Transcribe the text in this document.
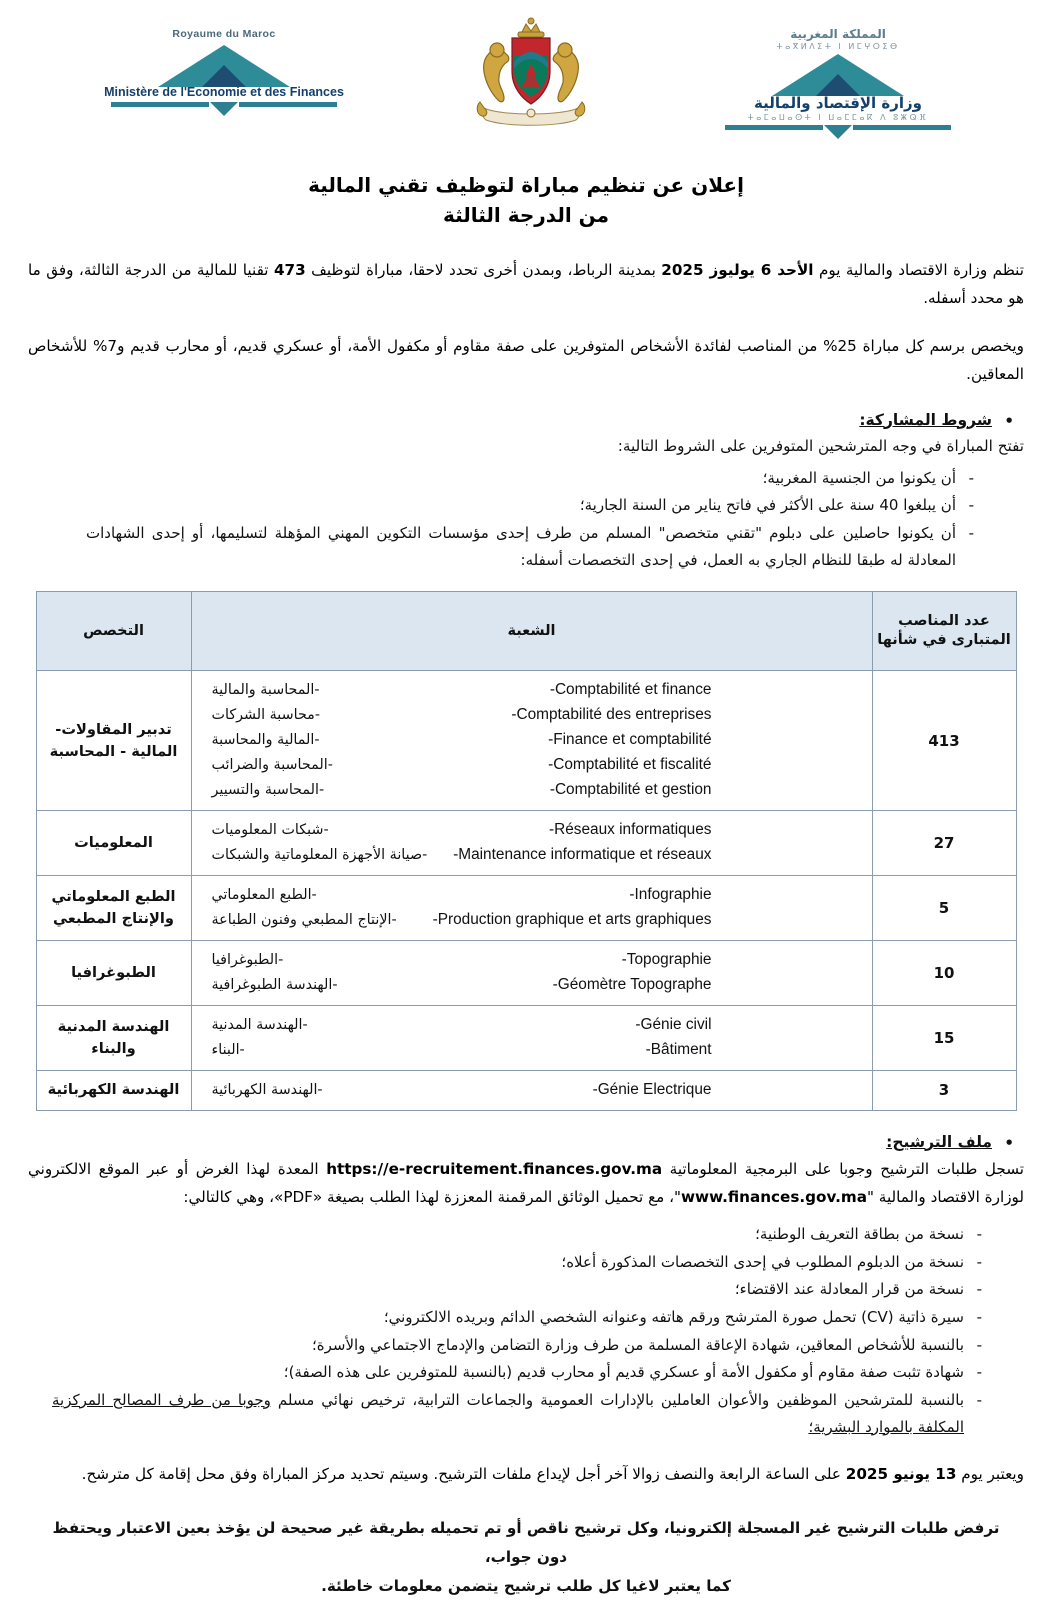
Royaume du Maroc
Ministère de l'Economie et des Finances
المملكة المغربية
ⵜⴰⴳⵍⴷⵉⵜ ⵏ ⵍⵎⵖⵔⵉⴱ
وزارة الإقتصاد والمالية
ⵜⴰⵎⴰⵡⴰⵙⵜ ⵏ ⵡⴰⵎⵎⴰⴽ ⴷ ⵓⵥⵕⴼ
إعلان عن تنظيم مباراة لتوظيف تقني المالية
من الدرجة الثالثة

تنظم وزارة الاقتصاد والمالية يوم الأحد 6 يوليوز 2025 بمدينة الرباط، وبمدن أخرى تحدد لاحقا، مباراة لتوظيف 473 تقنيا للمالية من الدرجة الثالثة، وفق ما هو محدد أسفله.

ويخصص برسم كل مباراة 25% من المناصب لفائدة الأشخاص المتوفرين على صفة مقاوم أو مكفول الأمة، أو عسكري قديم، أو محارب قديم و7% للأشخاص المعاقين.

•
شروط المشاركة:
تفتح المباراة في وجه المترشحين المتوفرين على الشروط التالية:
- أن يكونوا من الجنسية المغربية؛
- أن يبلغوا 40 سنة على الأكثر في فاتح يناير من السنة الجارية؛
- أن يكونوا حاصلين على دبلوم "تقني متخصص" المسلم من طرف إحدى مؤسسات التكوين المهني المؤهلة لتسليمها، أو إحدى الشهادات المعادلة له طبقا للنظام الجاري به العمل، في إحدى التخصصات أسفله:
عدد المناصب المتبارى في شأنها	الشعبة	التخصص
413	
-Comptabilité et finance
-المحاسبة والمالية
-Comptabilité des entreprises
-محاسبة الشركات
-Finance et comptabilité
-المالية والمحاسبة
-Comptabilité et fiscalité
-المحاسبة والضرائب
-Comptabilité et gestion
-المحاسبة والتسيير
	تدبير المقاولات- المالية - المحاسبة
27	-Réseaux informatiques
-شبكات المعلوميات
-Maintenance informatique et réseaux
-صيانة الأجهزة المعلوماتية والشبكات	المعلوميات
5	-Infographie
-الطبع المعلوماتي
-Production graphique et arts graphiques
-الإنتاج المطبعي وفنون الطباعة	الطبع المعلوماتي والإنتاج المطبعي
10	-Topographie
-الطبوغرافيا
-Géomètre Topographe
-الهندسة الطبوغرافية	الطبوغرافيا
15	-Génie civil
-الهندسة المدنية
-Bâtiment
-البناء	الهندسة المدنية والبناء
3	-Génie Electrique
-الهندسة الكهربائية	الهندسة الكهربائية
•
ملف الترشيح:

تسجل طلبات الترشيح وجوبا على البرمجية المعلوماتية https://e-recruitement.finances.gov.ma المعدة لهذا الغرض أو عبر الموقع الالكتروني لوزارة الاقتصاد والمالية "www.finances.gov.ma"، مع تحميل الوثائق المرقمنة المعززة لهذا الطلب بصيغة «PDF»، وهي كالتالي:

- نسخة من بطاقة التعريف الوطنية؛
- نسخة من الدبلوم المطلوب في إحدى التخصصات المذكورة أعلاه؛
- نسخة من قرار المعادلة عند الاقتضاء؛
- سيرة ذاتية (CV) تحمل صورة المترشح ورقم هاتفه وعنوانه الشخصي الدائم وبريده الالكتروني؛
- بالنسبة للأشخاص المعاقين، شهادة الإعاقة المسلمة من طرف وزارة التضامن والإدماج الاجتماعي والأسرة؛
- شهادة تثبت صفة مقاوم أو مكفول الأمة أو عسكري قديم أو محارب قديم (بالنسبة للمتوفرين على هذه الصفة)؛
- بالنسبة للمترشحين الموظفين والأعوان العاملين بالإدارات العمومية والجماعات الترابية، ترخيص نهائي مسلم وجوبا من طرف المصالح المركزية المكلفة بالموارد البشرية؛

ويعتبر يوم 13 يونيو 2025 على الساعة الرابعة والنصف زوالا آخر أجل لإيداع ملفات الترشيح. وسيتم تحديد مركز المباراة وفق محل إقامة كل مترشح.

ترفض طلبات الترشيح غير المسجلة إلكترونيا، وكل ترشيح ناقص أو تم تحميله بطريقة غير صحيحة لن يؤخذ بعين الاعتبار ويحتفظ دون جواب،
كما يعتبر لاغيا كل طلب ترشيح يتضمن معلومات خاطئة.
